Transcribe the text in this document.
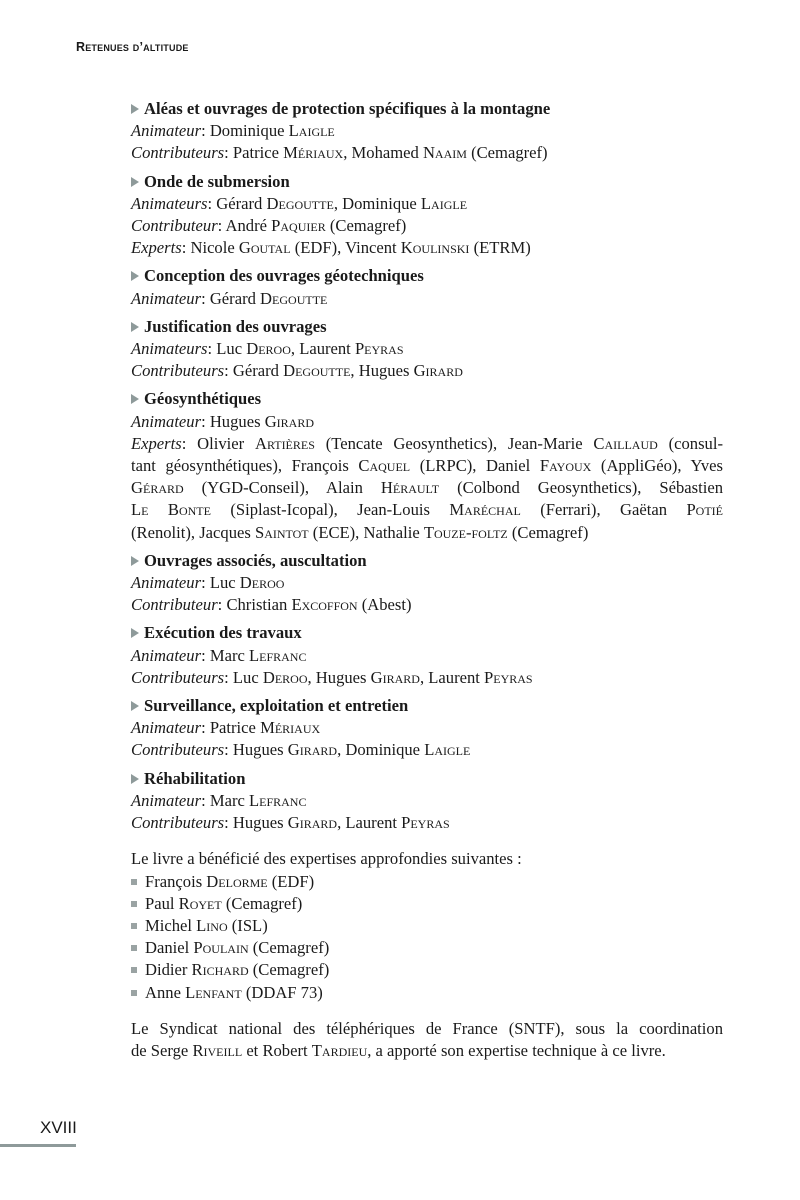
Retenues d’altitude
Aléas et ouvrages de protection spécifiques à la montagne
Animateur: Dominique Laigle
Contributeurs: Patrice Mériaux, Mohamed Naaim (Cemagref)
Onde de submersion
Animateurs: Gérard Degoutte, Dominique Laigle
Contributeur: André Paquier (Cemagref)
Experts: Nicole Goutal (EDF), Vincent Koulinski (ETRM)
Conception des ouvrages géotechniques
Animateur: Gérard Degoutte
Justification des ouvrages
Animateurs: Luc Deroo, Laurent Peyras
Contributeurs: Gérard Degoutte, Hugues Girard
Géosynthétiques
Animateur: Hugues Girard
Experts: Olivier Artières (Tencate Geosynthetics), Jean-Marie Caillaud (consul-
tant géosynthétiques), François Caquel (LRPC), Daniel Fayoux (AppliGéo), Yves
Gérard (YGD-Conseil), Alain Hérault (Colbond Geosynthetics), Sébastien
Le Bonte (Siplast-Icopal), Jean-Louis Maréchal (Ferrari), Gaëtan Potié
(Renolit), Jacques Saintot (ECE), Nathalie Touze-foltz (Cemagref)
Ouvrages associés, auscultation
Animateur: Luc Deroo
Contributeur: Christian Excoffon (Abest)
Exécution des travaux
Animateur: Marc Lefranc
Contributeurs: Luc Deroo, Hugues Girard, Laurent Peyras
Surveillance, exploitation et entretien
Animateur: Patrice Mériaux
Contributeurs: Hugues Girard, Dominique Laigle
Réhabilitation
Animateur: Marc Lefranc
Contributeurs: Hugues Girard, Laurent Peyras
Le livre a bénéficié des expertises approfondies suivantes :
François Delorme (EDF)
Paul Royet (Cemagref)
Michel Lino (ISL)
Daniel Poulain (Cemagref)
Didier Richard (Cemagref)
Anne Lenfant (DDAF 73)
Le Syndicat national des téléphériques de France (SNTF), sous la coordination
de Serge Riveill et Robert Tardieu, a apporté son expertise technique à ce livre.
XVIII
